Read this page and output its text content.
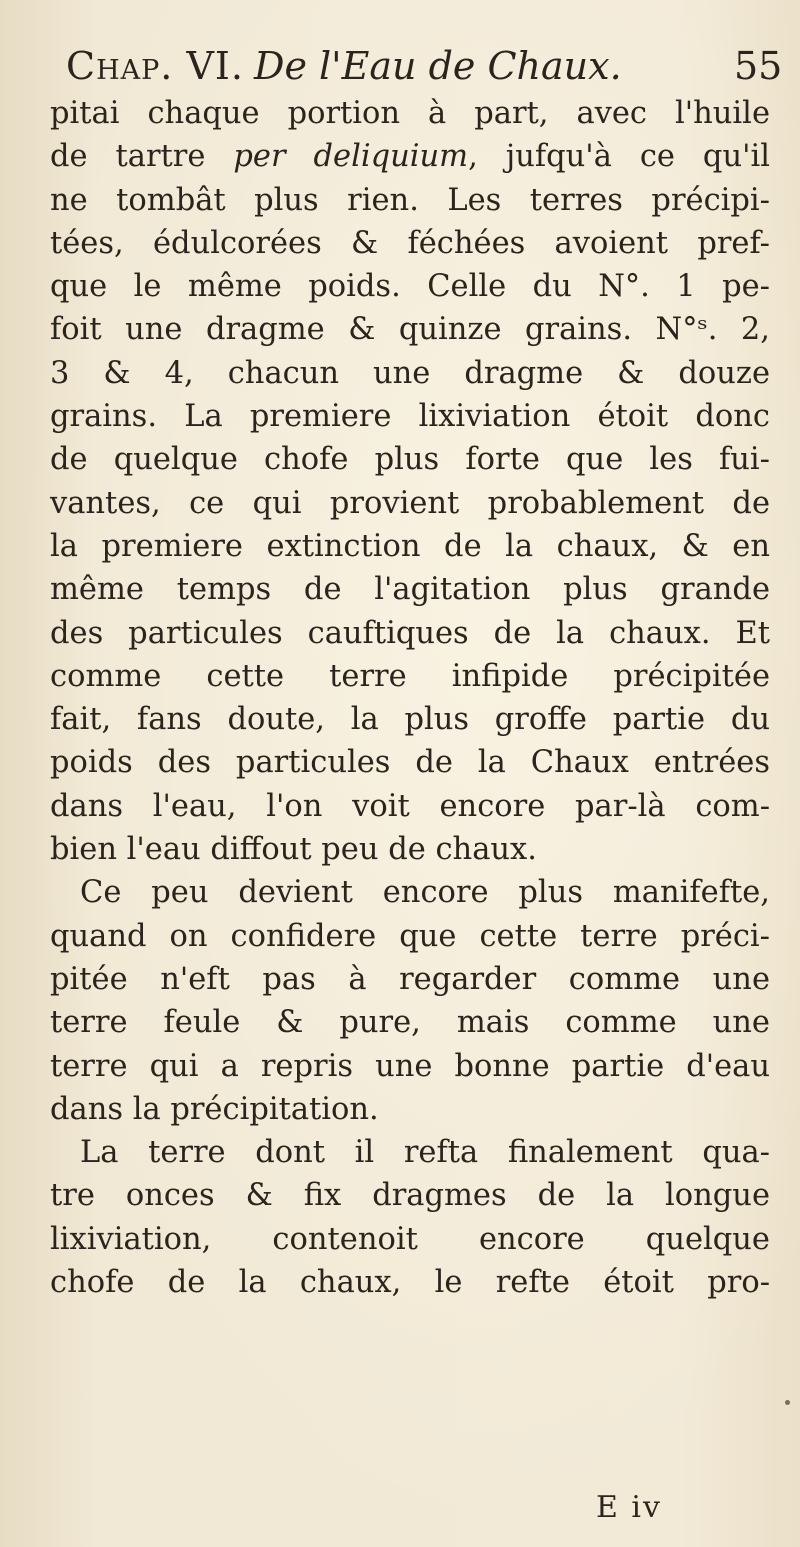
Chap. VI. De l'Eau de Chaux.	55
pitai chaque portion à part, avec l'huile
de tartre per deliquium, jufqu'à ce qu'il
ne tombât plus rien. Les terres précipi-
tées, édulcorées & féchées avoient pref-
que le même poids. Celle du N°. 1 pe-
foit une dragme & quinze grains. N°ˢ. 2,
3 & 4, chacun une dragme & douze
grains. La premiere lixiviation étoit donc
de quelque chofe plus forte que les fui-
vantes, ce qui provient probablement de
la premiere extinction de la chaux, & en
même temps de l'agitation plus grande
des particules cauftiques de la chaux. Et
comme cette terre infipide précipitée
fait, fans doute, la plus groffe partie du
poids des particules de la Chaux entrées
dans l'eau, l'on voit encore par-là com-
bien l'eau diffout peu de chaux.
Ce peu devient encore plus manifefte,
quand on confidere que cette terre préci-
pitée n'eft pas à regarder comme une
terre feule & pure, mais comme une
terre qui a repris une bonne partie d'eau
dans la précipitation.
La terre dont il refta finalement qua-
tre onces & fix dragmes de la longue
lixiviation, contenoit encore quelque
chofe de la chaux, le refte étoit pro-
E iv
